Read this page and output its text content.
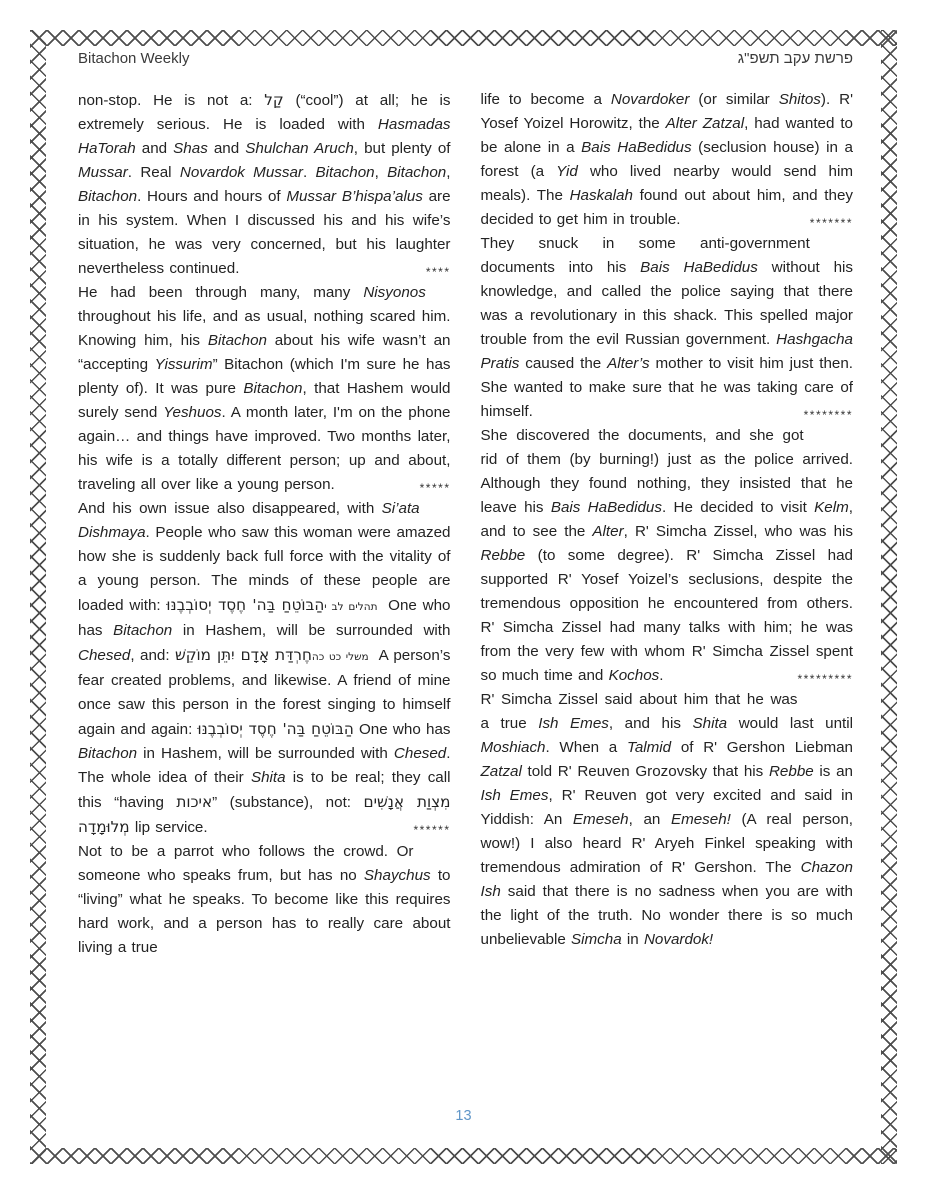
Bitachon Weekly	פרשת עקב תשפ"ג

non-stop. He is not a: קַל (“cool”) at all; he is extremely serious. He is loaded with Hasmadas HaTorah and Shas and Shulchan Aruch, but plenty of Mussar. Real Novardok Mussar. Bitachon, Bitachon, Bitachon. Hours and hours of Mussar B’hispa’alus are in his system. When I discussed his and his wife’s situation, he was very concerned, but his laughter nevertheless continued.	****

He had been through many, many Nisyonos throughout his life, and as usual, nothing scared him. Knowing him, his Bitachon about his wife wasn’t an “accepting Yissurim” Bitachon (which I'm sure he has plenty of). It was pure Bitachon, that Hashem would surely send Yeshuos. A month later, I'm on the phone again… and things have improved. Two months later, his wife is a totally different person; up and about, traveling all over like a young person.	*****

And his own issue also disappeared, with Si’ata Dishmaya. People who saw this woman were amazed how she is suddenly back full force with the vitality of a young person. The minds of these people are loaded with: הַבּוֹטֵחַ בַּה' חֶסֶד יְסוֹבְבֶנּוּ תהלים לב י One who has Bitachon in Hashem, will be surrounded with Chesed, and: חֶרְדַּת אָדָם יִתֵּן מוֹקֵשׁ משלי כט כה A person’s fear created problems, and likewise. A friend of mine once saw this person in the forest singing to himself again and again: הַבּוֹטֵחַ בַּה' חֶסֶד יְסוֹבְבֶנּוּ One who has Bitachon in Hashem, will be surrounded with Chesed. The whole idea of their Shita is to be real; they call this “having איכות” (substance), not: מִצְוַת אֲנָשִׁים מְלוּמָדָה lip service.	******

Not to be a parrot who follows the crowd. Or someone who speaks frum, but has no Shaychus to “living” what he speaks. To become like this requires hard work, and a person has to really care about living a true

life to become a Novardoker (or similar Shitos). R' Yosef Yoizel Horowitz, the Alter Zatzal, had wanted to be alone in a Bais HaBedidus (seclusion house) in a forest (a Yid who lived nearby would send him meals). The Haskalah found out about him, and they decided to get him in trouble.	*******

They snuck in some anti-government documents into his Bais HaBedidus without his knowledge, and called the police saying that there was a revolutionary in this shack. This spelled major trouble from the evil Russian government. Hashgacha Pratis caused the Alter’s mother to visit him just then. She wanted to make sure that he was taking care of himself.	********

She discovered the documents, and she got rid of them (by burning!) just as the police arrived. Although they found nothing, they insisted that he leave his Bais HaBedidus. He decided to visit Kelm, and to see the Alter, R' Simcha Zissel, who was his Rebbe (to some degree). R' Simcha Zissel had supported R' Yosef Yoizel’s seclusions, despite the tremendous opposition he encountered from others. R' Simcha Zissel had many talks with him; he was from the very few with whom R' Simcha Zissel spent so much time and Kochos.	*********

R' Simcha Zissel said about him that he was a true Ish Emes, and his Shita would last until Moshiach. When a Talmid of R' Gershon Liebman Zatzal told R' Reuven Grozovsky that his Rebbe is an Ish Emes, R' Reuven got very excited and said in Yiddish: An Emeseh, an Emeseh! (A real person, wow!) I also heard R' Aryeh Finkel speaking with tremendous admiration of R' Gershon. The Chazon Ish said that there is no sadness when you are with the light of the truth. No wonder there is so much unbelievable Simcha in Novardok!

13
